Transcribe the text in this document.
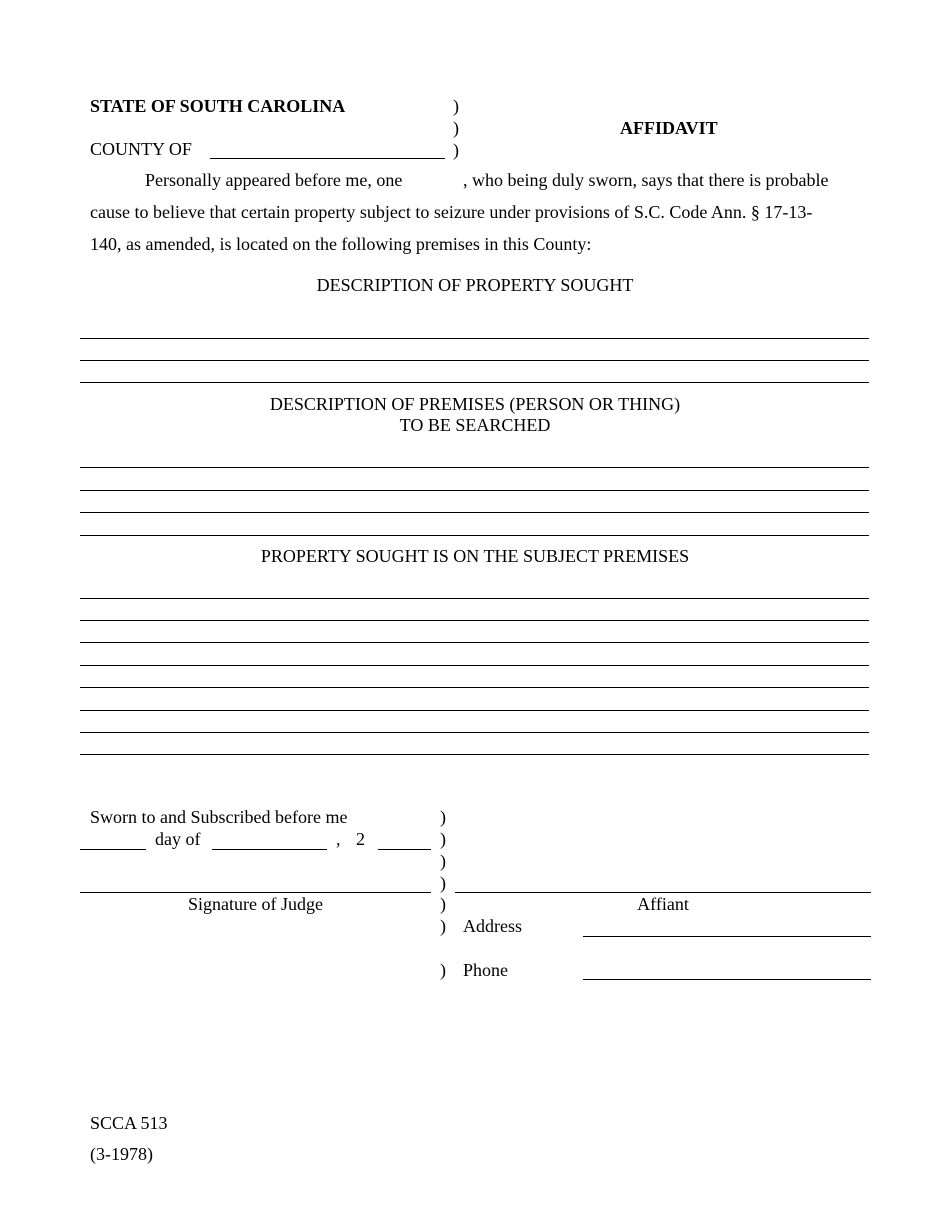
STATE OF SOUTH CAROLINA
COUNTY OF
AFFIDAVIT
)
)
)
Personally appeared before me, one	, who being duly sworn, says that there is probable
cause to believe that certain property subject to seizure under provisions of S.C. Code Ann. § 17-13-
140, as amended, is located on the following premises in this County:
DESCRIPTION OF PROPERTY SOUGHT
DESCRIPTION OF PREMISES (PERSON OR THING)
TO BE SEARCHED
PROPERTY SOUGHT IS ON THE SUBJECT PREMISES
Sworn to and Subscribed before me
day of	, 2
)
)
)
)
)
)
)
Signature of Judge	Affiant
Address
Phone
SCCA 513
(3-1978)
